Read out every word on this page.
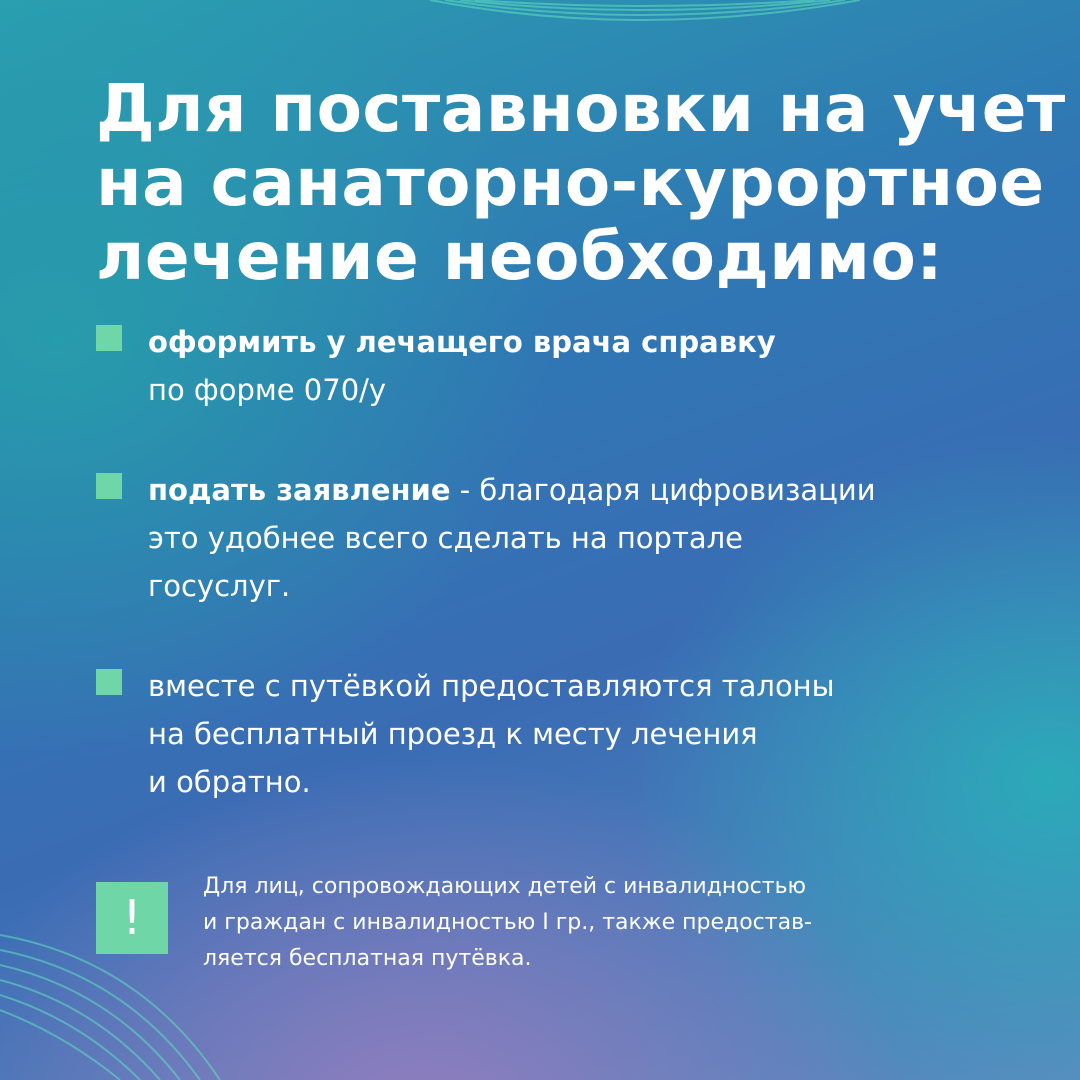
Для поставновки на учет
на санаторно-курортное
лечение необходимо:
оформить у лечащего врача справку
по форме 070/у
подать заявление - благодаря цифровизации
это удобнее всего сделать на портале
госуслуг.
вместе с путёвкой предоставляются талоны
на бесплатный проезд к месту лечения
и обратно.
!
Для лиц, сопровождающих детей с инвалидностью
и граждан с инвалидностью I гр., также предостав-
ляется бесплатная путёвка.
